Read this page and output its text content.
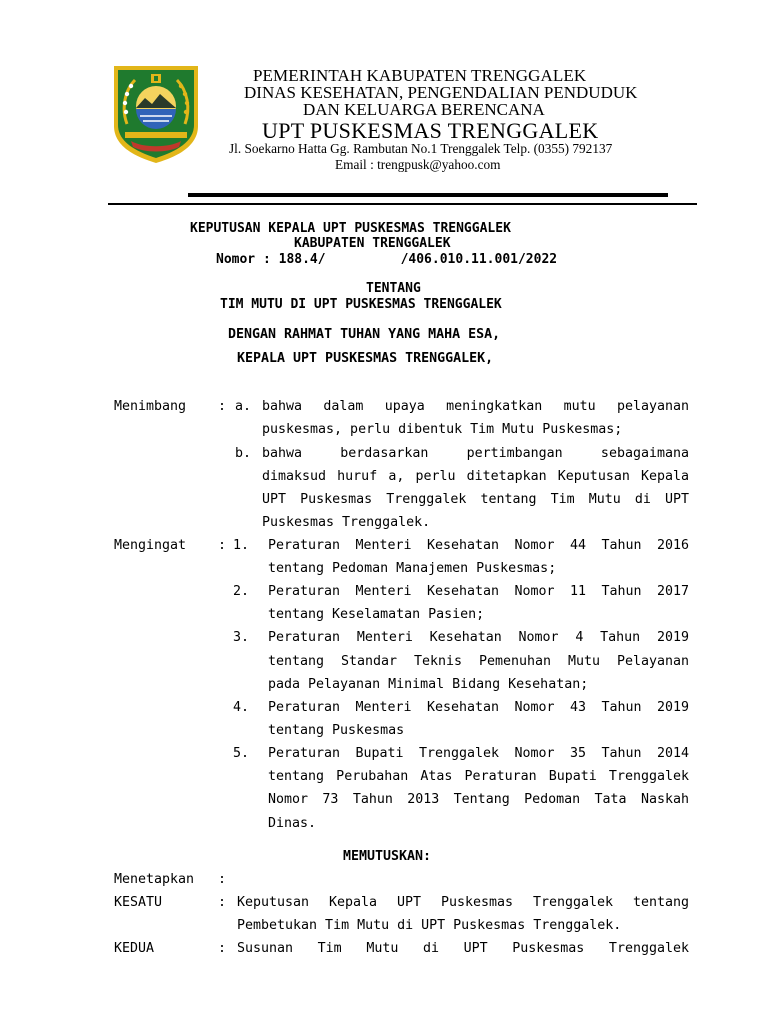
PEMERINTAH KABUPATEN TRENGGALEK
DINAS KESEHATAN, PENGENDALIAN PENDUDUK
DAN KELUARGA BERENCANA
UPT PUSKESMAS TRENGGALEK
Jl. Soekarno Hatta Gg. Rambutan No.1 Trenggalek Telp. (0355) 792137
Email : trengpusk@yahoo.com
KEPUTUSAN KEPALA UPT PUSKESMAS TRENGGALEK
KABUPATEN TRENGGALEK
Nomor : 188.4/	/406.010.11.001/2022
TENTANG
TIM MUTU DI UPT PUSKESMAS TRENGGALEK
DENGAN RAHMAT TUHAN YANG MAHA ESA,
KEPALA UPT PUSKESMAS TRENGGALEK,
Menimbang : a. bahwa dalam upaya meningkatkan mutu pelayanan
puskesmas, perlu dibentuk Tim Mutu Puskesmas;
b. bahwa berdasarkan pertimbangan sebagaimana
dimaksud huruf a, perlu ditetapkan Keputusan Kepala
UPT Puskesmas Trenggalek tentang Tim Mutu di UPT
Puskesmas Trenggalek.
Mengingat : 1. Peraturan Menteri Kesehatan Nomor 44 Tahun 2016
tentang Pedoman Manajemen Puskesmas;
2. Peraturan Menteri Kesehatan Nomor 11 Tahun 2017
tentang Keselamatan Pasien;
3. Peraturan Menteri Kesehatan Nomor 4 Tahun 2019
tentang Standar Teknis Pemenuhan Mutu Pelayanan
pada Pelayanan Minimal Bidang Kesehatan;
4. Peraturan Menteri Kesehatan Nomor 43 Tahun 2019
tentang Puskesmas
5. Peraturan Bupati Trenggalek Nomor 35 Tahun 2014
tentang Perubahan Atas Peraturan Bupati Trenggalek
Nomor 73 Tahun 2013 Tentang Pedoman Tata Naskah
Dinas.
MEMUTUSKAN:
Menetapkan :
KESATU	: Keputusan Kepala UPT Puskesmas Trenggalek tentang
Pembetukan Tim Mutu di UPT Puskesmas Trenggalek.
KEDUA	: Susunan Tim Mutu di UPT Puskesmas Trenggalek
